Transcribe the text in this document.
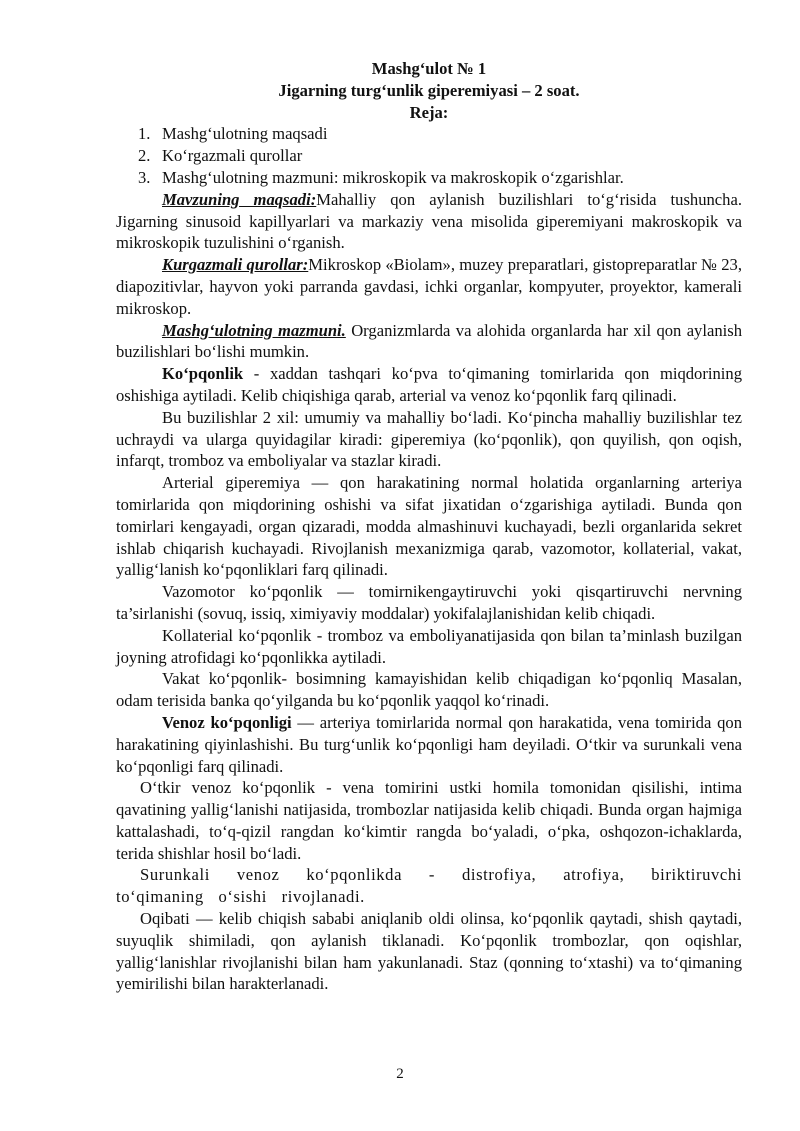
Mashg‘ulot № 1
Jigarning turg‘unlik giperemiyasi – 2 soat.
Reja:
1. Mashg‘ulotning maqsadi
2. Ko‘rgazmali qurollar
3. Mashg‘ulotning mazmuni: mikroskopik va makroskopik o‘zgarishlar.

Mavzuning maqsadi:Mahalliy qon aylanish buzilishlari to‘g‘risida tushuncha. Jigarning sinusoid kapillyarlari va markaziy vena misolida giperemiyani makroskopik va mikroskopik tuzulishini o‘rganish.

Kurgazmali qurollar:Mikroskop «Biolam», muzey preparatlari, gistopreparatlar № 23, diapozitivlar, hayvon yoki parranda gavdasi, ichki organlar, kompyuter, proyektor, kamerali mikroskop.

Mashg‘ulotning mazmuni. Organizmlarda va alohida organlarda har xil qon aylanish buzilishlari bo‘lishi mumkin.

Ko‘pqonlik - xaddan tashqari ko‘pva to‘qimaning tomirlarida qon miqdorining oshishiga aytiladi. Kelib chiqishiga qarab, arterial va venoz ko‘pqonlik farq qilinadi.

Bu buzilishlar 2 xil: umumiy va mahalliy bo‘ladi. Ko‘pincha mahalliy buzilishlar tez uchraydi va ularga quyidagilar kiradi: giperemiya (ko‘pqonlik), qon quyilish, qon oqish, infarqt, tromboz va emboliyalar va stazlar kiradi.

Arterial giperemiya — qon harakatining normal holatida organlarning arteriya tomirlarida qon miqdorining oshishi va sifat jixatidan o‘zgarishiga aytiladi. Bunda qon tomirlari kengayadi, organ qizaradi, modda almashinuvi kuchayadi, bezli organlarida sekret ishlab chiqarish kuchayadi. Rivojlanish mexanizmiga qarab, vazomotor, kollaterial, vakat, yallig‘lanish ko‘pqonliklari farq qilinadi.

Vazomotor ko‘pqonlik — tomirnikengaytiruvchi yoki qisqartiruvchi nervning ta’sirlanishi (sovuq, issiq, ximiyaviy moddalar) yokifalajlanishidan kelib chiqadi.

Kollaterial ko‘pqonlik - tromboz va emboliyanatijasida qon bilan ta’minlash buzilgan joyning atrofidagi ko‘pqonlikka aytiladi.

Vakat ko‘pqonlik- bosimning kamayishidan kelib chiqadigan ko‘pqonliq Masalan, odam terisida banka qo‘yilganda bu ko‘pqonlik yaqqol ko‘rinadi.

Venoz ko‘pqonligi — arteriya tomirlarida normal qon harakatida, vena tomirida qon harakatining qiyinlashishi. Bu turg‘unlik ko‘pqonligi ham deyiladi. O‘tkir va surunkali vena ko‘pqonligi farq qilinadi.

O‘tkir venoz ko‘pqonlik - vena tomirini ustki homila tomonidan qisilishi, intima qavatining yallig‘lanishi natijasida, trombozlar natijasida kelib chiqadi. Bunda organ hajmiga kattalashadi, to‘q-qizil rangdan ko‘kimtir rangda bo‘yaladi, o‘pka, oshqozon-ichaklarda, terida shishlar hosil bo‘ladi.

Surunkali venoz ko‘pqonlikda - distrofiya, atrofiya, biriktiruvchi to‘qimaning o‘sishi rivojlanadi.

Oqibati — kelib chiqish sababi aniqlanib oldi olinsa, ko‘pqonlik qaytadi, shish qaytadi, suyuqlik shimiladi, qon aylanish tiklanadi. Ko‘pqonlik trombozlar, qon oqishlar, yallig‘lanishlar rivojlanishi bilan ham yakunlanadi. Staz (qonning to‘xtashi) va to‘qimaning yemirilishi bilan harakterlanadi.

2
